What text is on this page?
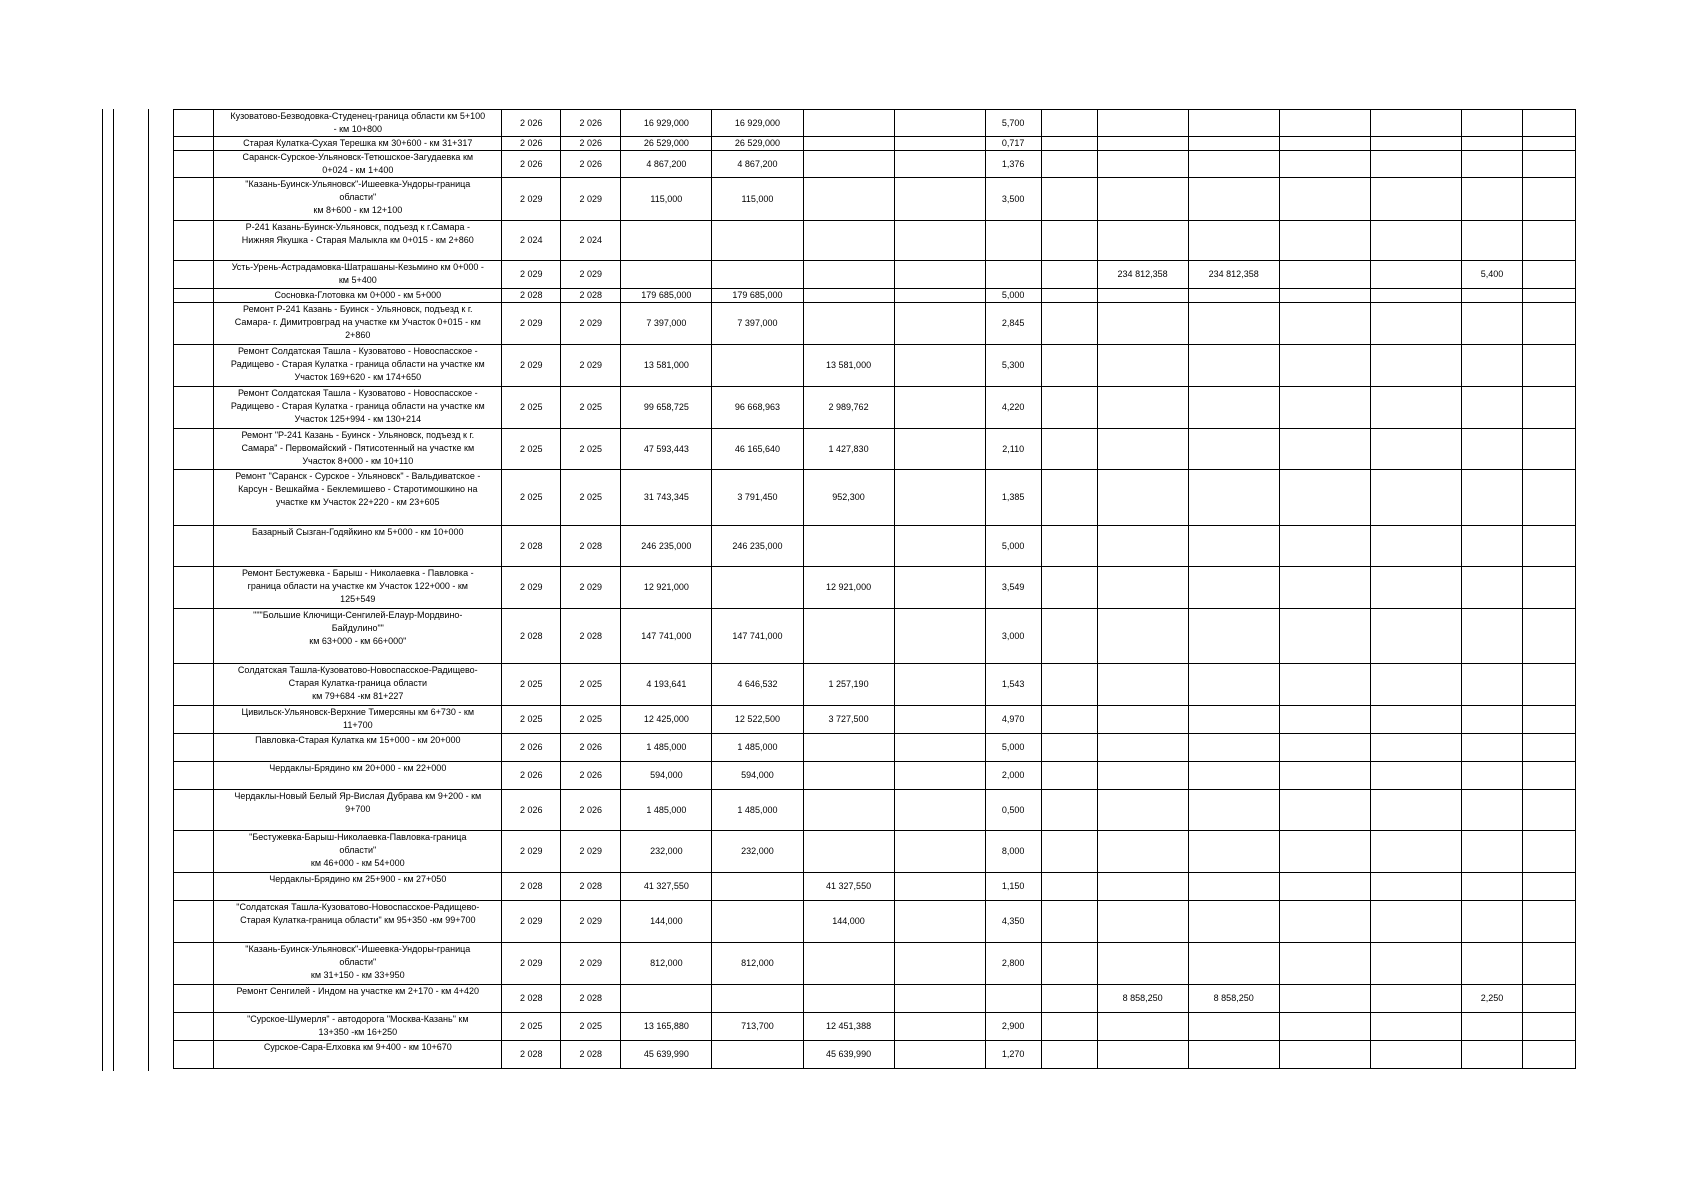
	Кузоватово-Безводовка-Студенец-граница области км 5+100
- км 10+800	2 026	2 026	16 929,000	16 929,000			5,700							
	Старая Кулатка-Сухая Терешка км 30+600 - км 31+317	2 026	2 026	26 529,000	26 529,000			0,717							
	Саранск-Сурское-Ульяновск-Тетюшское-Загудаевка км
0+024 - км 1+400	2 026	2 026	4 867,200	4 867,200			1,376							
	"Казань-Буинск-Ульяновск"-Ишеевка-Ундоры-граница
области"
км 8+600 - км 12+100	2 029	2 029	115,000	115,000			3,500							
	Р-241 Казань-Буинск-Ульяновск, подъезд к г.Самара -
Нижняя Якушка - Старая Малыкла км 0+015 - км 2+860	2 024	2 024												
	Усть-Урень-Астрадамовка-Шатрашаны-Кезьмино км 0+000 -
км 5+400	2 029	2 029							234 812,358	234 812,358			5,400	
	Сосновка-Глотовка км 0+000 - км 5+000	2 028	2 028	179 685,000	179 685,000			5,000							
	Ремонт Р-241 Казань - Буинск - Ульяновск, подъезд к г.
Самара- г. Димитровград на участке км Участок 0+015 - км
2+860	2 029	2 029	7 397,000	7 397,000			2,845							
	Ремонт Солдатская Ташла - Кузоватово - Новоспасское -
Радищево - Старая Кулатка - граница области на участке км
Участок 169+620 - км 174+650	2 029	2 029	13 581,000		13 581,000		5,300							
	Ремонт Солдатская Ташла - Кузоватово - Новоспасское -
Радищево - Старая Кулатка - граница области на участке км
Участок 125+994 - км 130+214	2 025	2 025	99 658,725	96 668,963	2 989,762		4,220							
	Ремонт "Р-241 Казань - Буинск - Ульяновск, подъезд к г.
Самара" - Первомайский - Пятисотенный на участке км
Участок 8+000 - км 10+110	2 025	2 025	47 593,443	46 165,640	1 427,830		2,110							
	Ремонт "Саранск - Сурское - Ульяновск" - Вальдиватское -
Карсун - Вешкайма - Беклемишево - Старотимошкино на
участке км Участок 22+220 - км 23+605	2 025	2 025	31 743,345	3 791,450	952,300		1,385							
	Базарный Сызган-Годяйкино км 5+000 - км 10+000	2 028	2 028	246 235,000	246 235,000			5,000							
	Ремонт Бестужевка - Барыш - Николаевка - Павловка -
граница области на участке км Участок 122+000 - км
125+549	2 029	2 029	12 921,000		12 921,000		3,549							
	"""Большие Ключищи-Сенгилей-Елаур-Мордвино-
Байдулино""
км 63+000 - км 66+000"	2 028	2 028	147 741,000	147 741,000			3,000							
	Солдатская Ташла-Кузоватово-Новоспасское-Радищево-
Старая Кулатка-граница области
км 79+684 -км 81+227	2 025	2 025	4 193,641	4 646,532	1 257,190		1,543							
	Цивильск-Ульяновск-Верхние Тимерсяны км 6+730 - км
11+700	2 025	2 025	12 425,000	12 522,500	3 727,500		4,970							
	Павловка-Старая Кулатка км 15+000 - км 20+000	2 026	2 026	1 485,000	1 485,000			5,000							
	Чердаклы-Брядино км 20+000 - км 22+000	2 026	2 026	594,000	594,000			2,000							
	Чердаклы-Новый Белый Яр-Вислая Дубрава км 9+200 - км
9+700	2 026	2 026	1 485,000	1 485,000			0,500							
	"Бестужевка-Барыш-Николаевка-Павловка-граница
области"
км 46+000 - км 54+000	2 029	2 029	232,000	232,000			8,000							
	Чердаклы-Брядино км 25+900 - км 27+050	2 028	2 028	41 327,550		41 327,550		1,150							
	"Солдатская Ташла-Кузоватово-Новоспасское-Радищево-
Старая Кулатка-граница области" км 95+350 -км 99+700	2 029	2 029	144,000		144,000		4,350							
	"Казань-Буинск-Ульяновск"-Ишеевка-Ундоры-граница
области"
км 31+150 - км 33+950	2 029	2 029	812,000	812,000			2,800							
	Ремонт Сенгилей - Индом на участке км 2+170 - км 4+420	2 028	2 028							8 858,250	8 858,250			2,250	
	"Сурское-Шумерля" - автодорога "Москва-Казань" км
13+350 -км 16+250	2 025	2 025	13 165,880	713,700	12 451,388		2,900							
	Сурское-Сара-Елховка км 9+400 - км 10+670	2 028	2 028	45 639,990		45 639,990		1,270							
